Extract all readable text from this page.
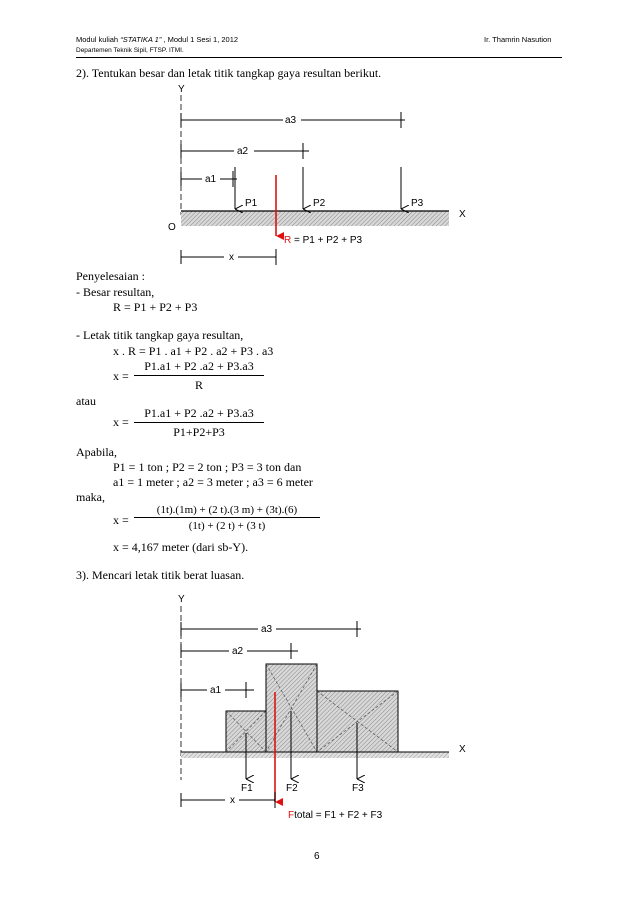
Modul kuliah “STATIKA 1” , Modul 1 Sesi 1, 2012
Departemen Teknik Sipil, FTSP. ITMI.
Ir. Thamrin Nasution
2). Tentukan besar dan letak titik tangkap gaya resultan berikut.
Y
X
O
a3
a2
a1
P1	P2	P3
R = P1 + P2 + P3
x
Y
X
a3
a2
a1
F1	F2	F3
Ftotal = F1 + F2 + F3
x
Penyelesaian :
- Besar resultan,
R = P1 + P2 + P3
- Letak titik tangkap gaya resultan,
x . R = P1 . a1 + P2 . a2 + P3 . a3
$x = \frac{P1.a1 + P2 .a2 + P3.a3}{R}$
atau
$x = \frac{P1.a1 + P2 .a2 + P3.a3}{P1+P2+P3}$
Apabila,
P1 = 1 ton ; P2 = 2 ton ; P3 = 3 ton dan
a1 = 1 meter ; a2 = 3 meter ; a3 = 6 meter
maka,
$x = \frac{(1t).(1m) + (2 t).(3 m) + (3t).(6)}{(1t) + (2 t) + (3 t)}$
x = 4,167 meter (dari sb-Y).
3). Mencari letak titik berat luasan.
6
